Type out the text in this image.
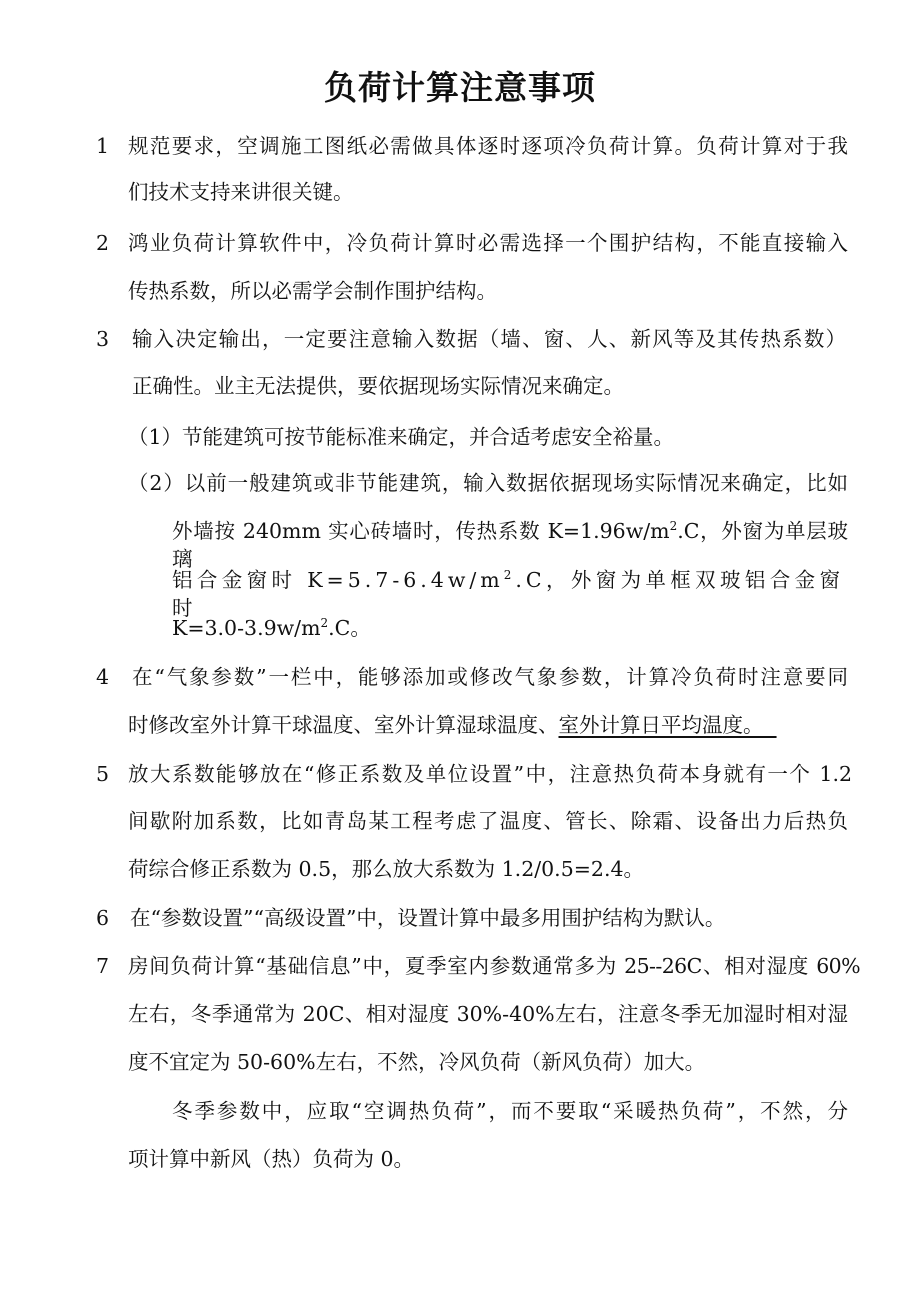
负荷计算注意事项
1 规范要求，空调施工图纸必需做具体逐时逐项冷负荷计算。负荷计算对于我
们技术支持来讲很关键。
2 鸿业负荷计算软件中，冷负荷计算时必需选择一个围护结构，不能直接输入
传热系数，所以必需学会制作围护结构。
3 输入决定输出，一定要注意输入数据（墙、窗、人、新风等及其传热系数）
正确性。业主无法提供，要依据现场实际情况来确定。
（1）节能建筑可按节能标准来确定，并合适考虑安全裕量。
（2）以前一般建筑或非节能建筑，输入数据依据现场实际情况来确定，比如
外墙按 240mm 实心砖墙时，传热系数 $K=1.96w/m^2.C$，外窗为单层玻璃
铝合金窗时 $K=5.7-6.4w/m^2.C$，外窗为单框双玻铝合金窗时
$K=3.0-3.9w/m^2.C$。
4 在“气象参数”一栏中，能够添加或修改气象参数，计算冷负荷时注意要同
时修改室外计算干球温度、室外计算湿球温度、室外计算日平均温度。
5 放大系数能够放在“修正系数及单位设置”中，注意热负荷本身就有一个 1.2
间歇附加系数，比如青岛某工程考虑了温度、管长、除霜、设备出力后热负
荷综合修正系数为 0.5，那么放大系数为 1.2/0.5=2.4。
6 在“参数设置”“高级设置”中，设置计算中最多用围护结构为默认。
7 房间负荷计算“基础信息”中，夏季室内参数通常多为 25--26C、相对湿度 60%
左右，冬季通常为 20C、相对湿度 30%-40%左右，注意冬季无加湿时相对湿
度不宜定为 50-60%左右，不然，冷风负荷（新风负荷）加大。
冬季参数中，应取“空调热负荷”，而不要取“采暖热负荷”，不然，分
项计算中新风（热）负荷为 0。
